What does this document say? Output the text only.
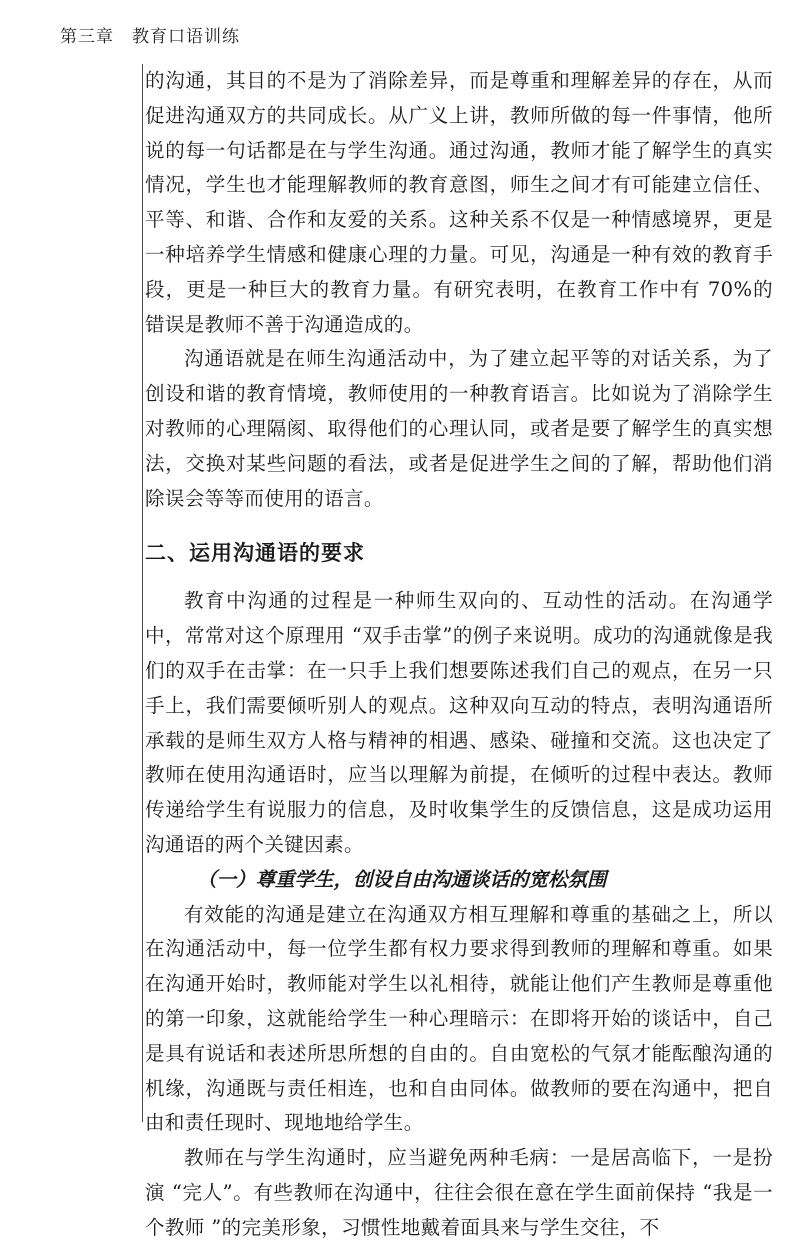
第三章　教育口语训练

的沟通，其目的不是为了消除差异，而是尊重和理解差异的存在，从而促进沟通双方的共同成长。从广义上讲，教师所做的每一件事情，他所说的每一句话都是在与学生沟通。通过沟通，教师才能了解学生的真实情况，学生也才能理解教师的教育意图，师生之间才有可能建立信任、平等、和谐、合作和友爱的关系。这种关系不仅是一种情感境界，更是一种培养学生情感和健康心理的力量。可见，沟通是一种有效的教育手段，更是一种巨大的教育力量。有研究表明，在教育工作中有 70%的错误是教师不善于沟通造成的。

沟通语就是在师生沟通活动中，为了建立起平等的对话关系，为了创设和谐的教育情境，教师使用的一种教育语言。比如说为了消除学生对教师的心理隔阂、取得他们的心理认同，或者是要了解学生的真实想法，交换对某些问题的看法，或者是促进学生之间的了解，帮助他们消除误会等等而使用的语言。

二、运用沟通语的要求

教育中沟通的过程是一种师生双向的、互动性的活动。在沟通学中，常常对这个原理用 “双手击掌”的例子来说明。成功的沟通就像是我们的双手在击掌：在一只手上我们想要陈述我们自己的观点，在另一只手上，我们需要倾听别人的观点。这种双向互动的特点，表明沟通语所承载的是师生双方人格与精神的相遇、感染、碰撞和交流。这也决定了教师在使用沟通语时，应当以理解为前提，在倾听的过程中表达。教师传递给学生有说服力的信息，及时收集学生的反馈信息，这是成功运用沟通语的两个关键因素。

（一）尊重学生，创设自由沟通谈话的宽松氛围

有效能的沟通是建立在沟通双方相互理解和尊重的基础之上，所以在沟通活动中，每一位学生都有权力要求得到教师的理解和尊重。如果在沟通开始时，教师能对学生以礼相待，就能让他们产生教师是尊重他的第一印象，这就能给学生一种心理暗示：在即将开始的谈话中，自己是具有说话和表述所思所想的自由的。自由宽松的气氛才能酝酿沟通的机缘，沟通既与责任相连，也和自由同体。做教师的要在沟通中，把自由和责任现时、现地地给学生。

教师在与学生沟通时，应当避免两种毛病：一是居高临下，一是扮演 “完人”。有些教师在沟通中，往往会很在意在学生面前保持 “我是一个教师 ”的完美形象，习惯性地戴着面具来与学生交往，不
